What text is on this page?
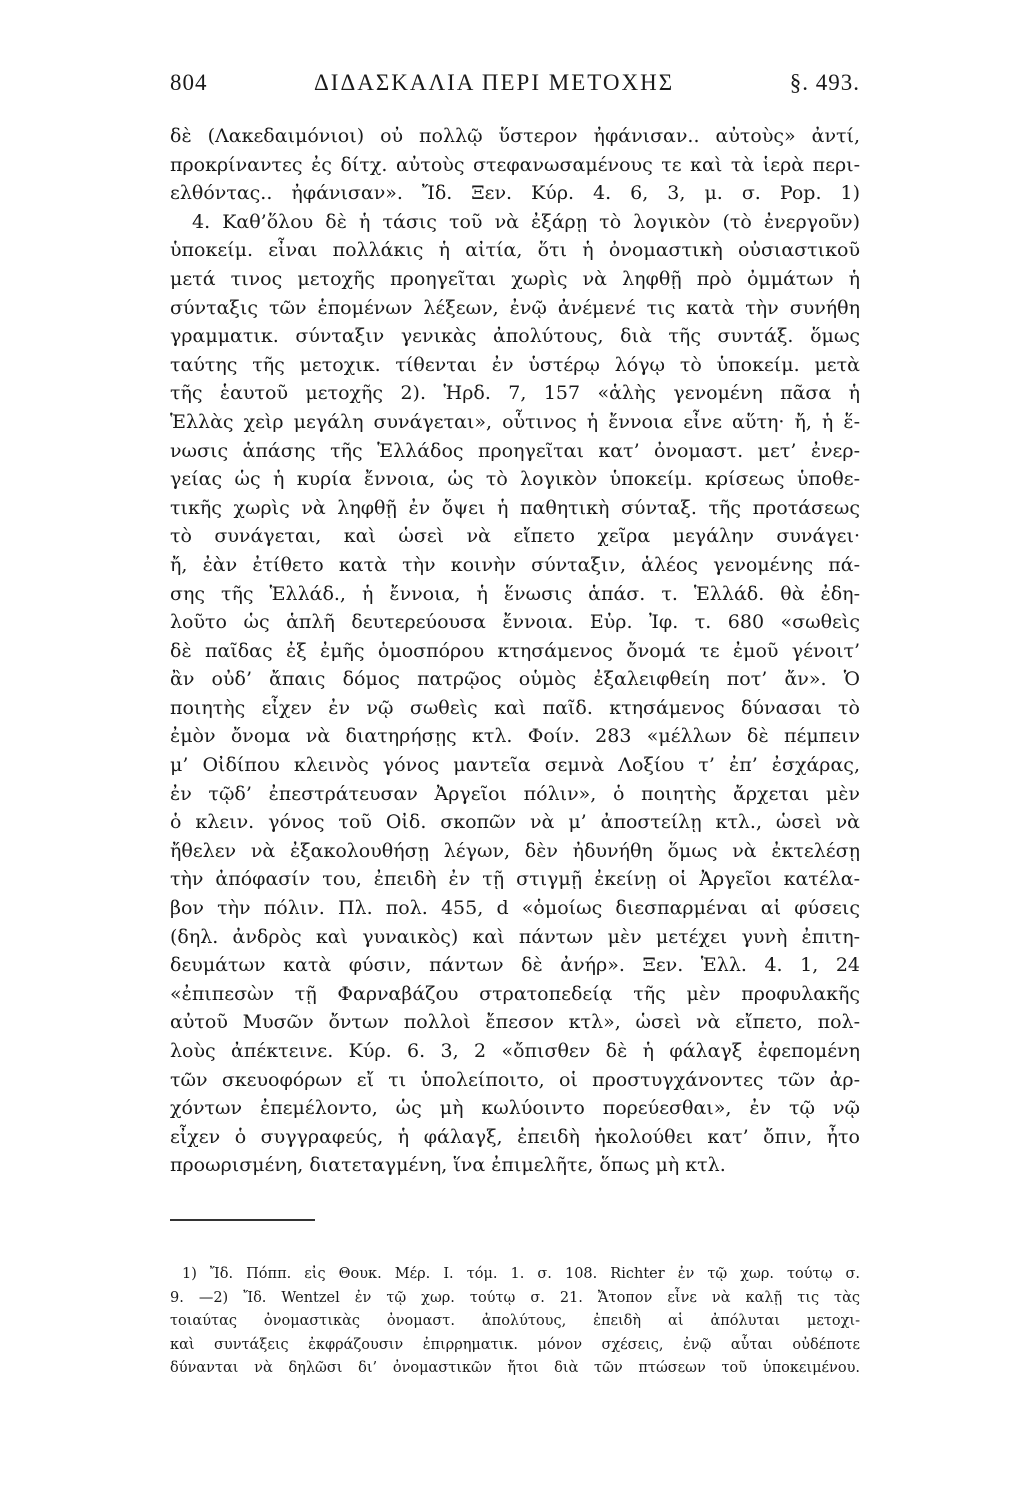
804	ΔΙΔΑΣΚΑΛΙΑ ΠΕΡΙ ΜΕΤΟΧΗΣ	§. 493.
δὲ (Λακεδαιμόνιοι) οὐ πολλῷ ὕστερον ἠφάνισαν.. αὐτοὺς» ἀντί,
προκρίναντες ἐς δίτχ. αὐτοὺς στεφανωσαμένους τε καὶ τὰ ἱερὰ περι-
ελθόντας.. ἠφάνισαν». Ἴδ. Ξεν. Κύρ. 4. 6, 3, μ. σ. Pop. 1)
4. Καθ’ὅλου δὲ ἡ τάσις τοῦ νὰ ἐξάρῃ τὸ λογικὸν (τὸ ἐνεργοῦν)
ὑποκείμ. εἶναι πολλάκις ἡ αἰτία, ὅτι ἡ ὀνομαστικὴ οὐσιαστικοῦ
μετά τινος μετοχῆς προηγεῖται χωρὶς νὰ ληφθῇ πρὸ ὀμμάτων ἡ
σύνταξις τῶν ἑπομένων λέξεων, ἐνῷ ἀνέμενέ τις κατὰ τὴν συνήθη
γραμματικ. σύνταξιν γενικὰς ἀπολύτους, διὰ τῆς συντάξ. ὅμως
ταύτης τῆς μετοχικ. τίθενται ἐν ὑστέρῳ λόγῳ τὸ ὑποκείμ. μετὰ
τῆς ἑαυτοῦ μετοχῆς 2). Ἡρδ. 7, 157 «ἁλὴς γενομένη πᾶσα ἡ
Ἑλλὰς χεὶρ μεγάλη συνάγεται», οὗτινος ἡ ἔννοια εἶνε αὕτη· ἤ, ἡ ἕ-
νωσις ἁπάσης τῆς Ἑλλάδος προηγεῖται κατ’ ὀνομαστ. μετ’ ἐνερ-
γείας ὡς ἡ κυρία ἔννοια, ὡς τὸ λογικὸν ὑποκείμ. κρίσεως ὑποθε-
τικῆς χωρὶς νὰ ληφθῇ ἐν ὄψει ἡ παθητικὴ σύνταξ. τῆς προτάσεως
τὸ συνάγεται, καὶ ὡσεὶ νὰ εἴπετο χεῖρα μεγάλην συνάγει·
ἤ, ἐὰν ἐτίθετο κατὰ τὴν κοινὴν σύνταξιν, ἁλέος γενομένης πά-
σης τῆς Ἑλλάδ., ἡ ἔννοια, ἡ ἕνωσις ἁπάσ. τ. Ἑλλάδ. θὰ ἐδη-
λοῦτο ὡς ἁπλῆ δευτερεύουσα ἔννοια. Εὐρ. Ἰφ. τ. 680 «σωθεὶς
δὲ παῖδας ἐξ ἐμῆς ὁμοσπόρου κτησάμενος ὄνομά τε ἐμοῦ γένοιτ’
ἂν οὐδ’ ἄπαις δόμος πατρῷος οὑμὸς ἐξαλειφθείη ποτ’ ἄν». Ὁ
ποιητὴς εἶχεν ἐν νῷ σωθεὶς καὶ παῖδ. κτησάμενος δύνασαι τὸ
ἐμὸν ὄνομα νὰ διατηρήσῃς κτλ. Φοίν. 283 «μέλλων δὲ πέμπειν
μ’ Οἰδίπου κλεινὸς γόνος μαντεῖα σεμνὰ Λοξίου τ’ ἐπ’ ἐσχάρας,
ἐν τῷδ’ ἐπεστράτευσαν Ἀργεῖοι πόλιν», ὁ ποιητὴς ἄρχεται μὲν
ὁ κλειν. γόνος τοῦ Οἰδ. σκοπῶν νὰ μ’ ἀποστείλῃ κτλ., ὡσεὶ νὰ
ἤθελεν νὰ ἐξακολουθήσῃ λέγων, δὲν ἠδυνήθη ὅμως νὰ ἐκτελέσῃ
τὴν ἀπόφασίν του, ἐπειδὴ ἐν τῇ στιγμῇ ἐκείνῃ οἱ Ἀργεῖοι κατέλα-
βον τὴν πόλιν. Πλ. πολ. 455, d «ὁμοίως διεσπαρμέναι αἱ φύσεις
(δηλ. ἀνδρὸς καὶ γυναικὸς) καὶ πάντων μὲν μετέχει γυνὴ ἐπιτη-
δευμάτων κατὰ φύσιν, πάντων δὲ ἀνήρ». Ξεν. Ἑλλ. 4. 1, 24
«ἐπιπεσὼν τῇ Φαρναβάζου στρατοπεδείᾳ τῆς μὲν προφυλακῆς
αὐτοῦ Μυσῶν ὄντων πολλοὶ ἔπεσον κτλ», ὡσεὶ νὰ εἴπετο, πολ-
λοὺς ἀπέκτεινε. Κύρ. 6. 3, 2 «ὄπισθεν δὲ ἡ φάλαγξ ἐφεπομένη
τῶν σκευοφόρων εἴ τι ὑπολείποιτο, οἱ προστυγχάνοντες τῶν ἀρ-
χόντων ἐπεμέλοντο, ὡς μὴ κωλύοιντο πορεύεσθαι», ἐν τῷ νῷ
εἶχεν ὁ συγγραφεύς, ἡ φάλαγξ, ἐπειδὴ ἠκολούθει κατ’ ὄπιν, ἦτο
προωρισμένη, διατεταγμένη, ἵνα ἐπιμελῆτε, ὅπως μὴ κτλ.
1) Ἴδ. Πόππ. εἰς Θουκ. Μέρ. Ι. τόμ. 1. σ. 108. Richter ἐν τῷ χωρ. τούτῳ σ.
9. —2) Ἴδ. Wentzel ἐν τῷ χωρ. τούτῳ σ. 21. Ἄτοπον εἶνε νὰ καλῇ τις τὰς
τοιαύτας ὀνομαστικὰς ὀνομαστ. ἀπολύτους, ἐπειδὴ αἱ ἀπόλυται μετοχι-
καὶ συντάξεις ἐκφράζουσιν ἐπιρρηματικ. μόνον σχέσεις, ἐνῷ αὗται οὐδέποτε
δύνανται νὰ δηλῶσι δι’ ὀνομαστικῶν ἤτοι διὰ τῶν πτώσεων τοῦ ὑποκειμένου.
